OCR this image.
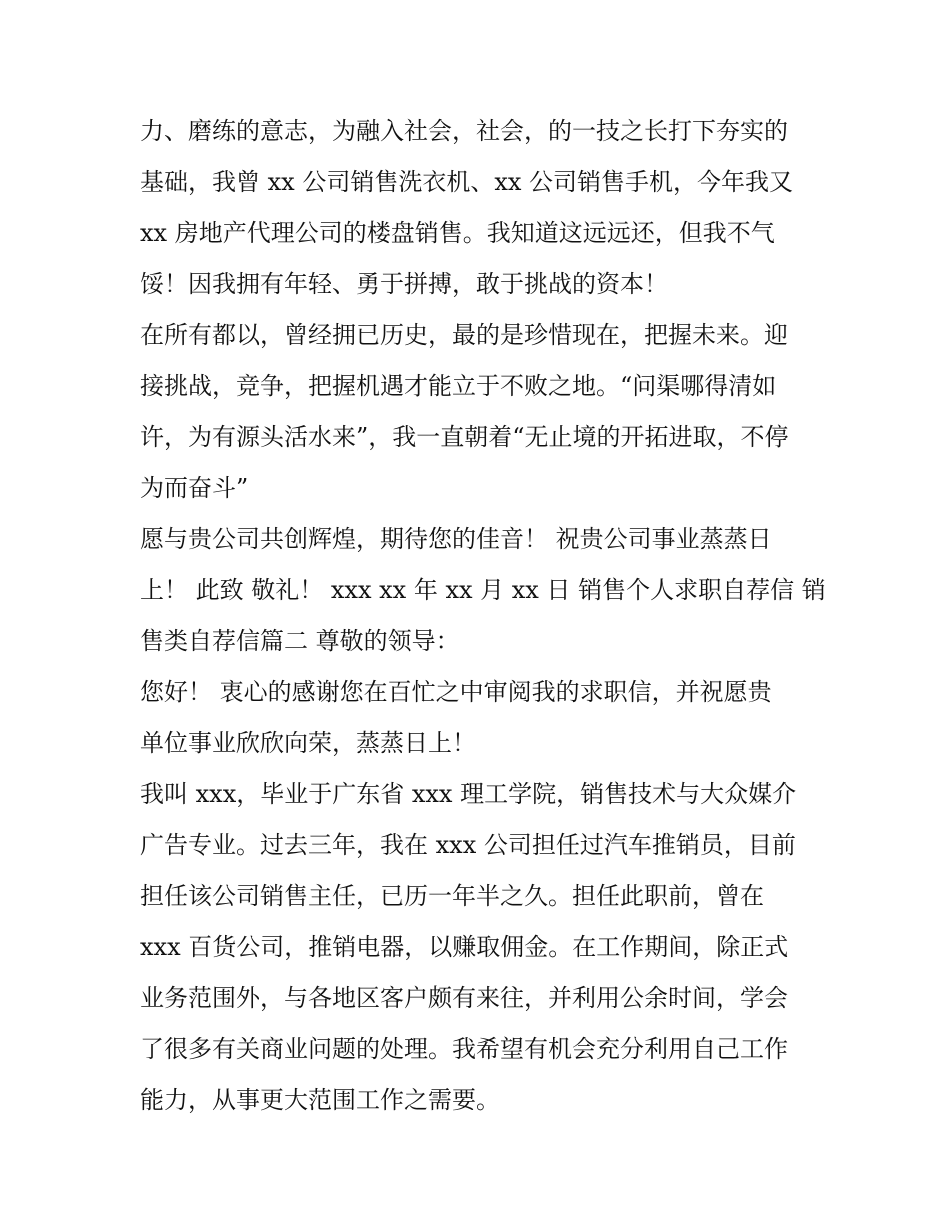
力、磨练的意志，为融入社会，社会，的一技之长打下夯实的
基础，我曾 xx 公司销售洗衣机、xx 公司销售手机，今年我又
xx 房地产代理公司的楼盘销售。我知道这远远还，但我不气
馁！因我拥有年轻、勇于拼搏，敢于挑战的资本！
在所有都以，曾经拥已历史，最的是珍惜现在，把握未来。迎
接挑战，竞争，把握机遇才能立于不败之地。“问渠哪得清如
许，为有源头活水来”，我一直朝着“无止境的开拓进取，不停
为而奋斗”
愿与贵公司共创辉煌，期待您的佳音！ 祝贵公司事业蒸蒸日
上！ 此致 敬礼！ xxx xx 年 xx 月 xx 日 销售个人求职自荐信 销
售类自荐信篇二 尊敬的领导：
您好！ 衷心的感谢您在百忙之中审阅我的求职信，并祝愿贵
单位事业欣欣向荣，蒸蒸日上！
我叫 xxx，毕业于广东省 xxx 理工学院，销售技术与大众媒介
广告专业。过去三年，我在 xxx 公司担任过汽车推销员，目前
担任该公司销售主任，已历一年半之久。担任此职前，曾在
xxx 百货公司，推销电器，以赚取佣金。在工作期间，除正式
业务范围外，与各地区客户颇有来往，并利用公余时间，学会
了很多有关商业问题的处理。我希望有机会充分利用自己工作
能力，从事更大范围工作之需要。
